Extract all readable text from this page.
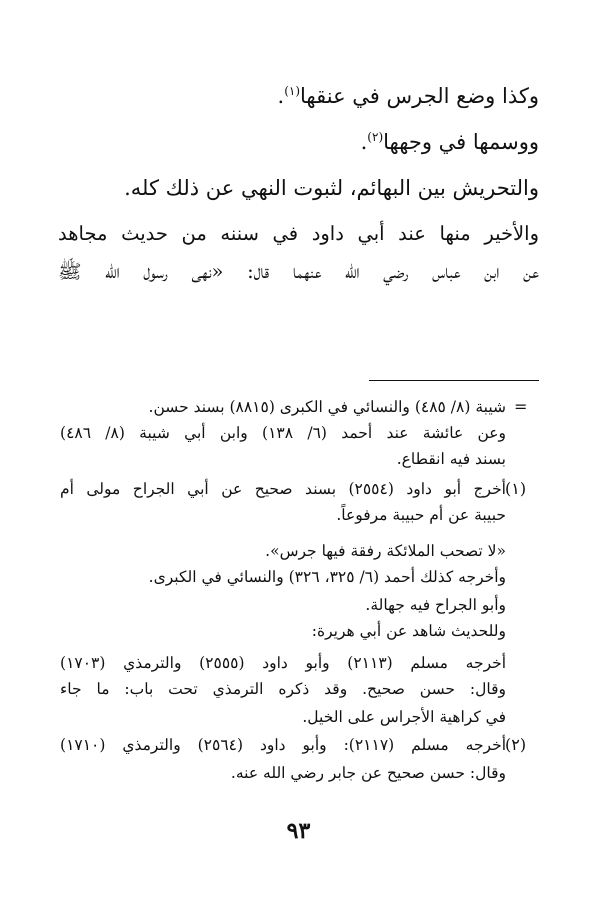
وكذا وضع الجرس في عنقها$^{(١)}$.
ووسمها في وجهها$^{(٢)}$.
والتحريش بين البهائم، لثبوت النهي عن ذلك كله.
والأخير منها عند أبي داود في سننه من حديث مجاهد
عن ابن عباس رضي الله عنهما قال: «نهى رسول الله ﷺ
=
شيبة (٨/ ٤٨٥) والنسائي في الكبرى (٨٨١٥) بسند حسن.
وعن عائشة عند أحمد (٦/ ١٣٨) وابن أبي شيبة (٨/ ٤٨٦)
بسند فيه انقطاع.
(١)
أخرج أبو داود (٢٥٥٤) بسند صحيح عن أبي الجراح مولى أم
حبيبة عن أم حبيبة مرفوعاً.
«لا تصحب الملائكة رفقة فيها جرس».
وأخرجه كذلك أحمد (٦/ ٣٢٥، ٣٢٦) والنسائي في الكبرى.
وأبو الجراح فيه جهالة.
وللحديث شاهد عن أبي هريرة:
أخرجه مسلم (٢١١٣) وأبو داود (٢٥٥٥) والترمذي (١٧٠٣)
وقال: حسن صحيح. وقد ذكره الترمذي تحت باب: ما جاء
في كراهية الأجراس على الخيل.
(٢)
أخرجه مسلم (٢١١٧): وأبو داود (٢٥٦٤) والترمذي (١٧١٠)
وقال: حسن صحيح عن جابر رضي الله عنه.
٩٣
